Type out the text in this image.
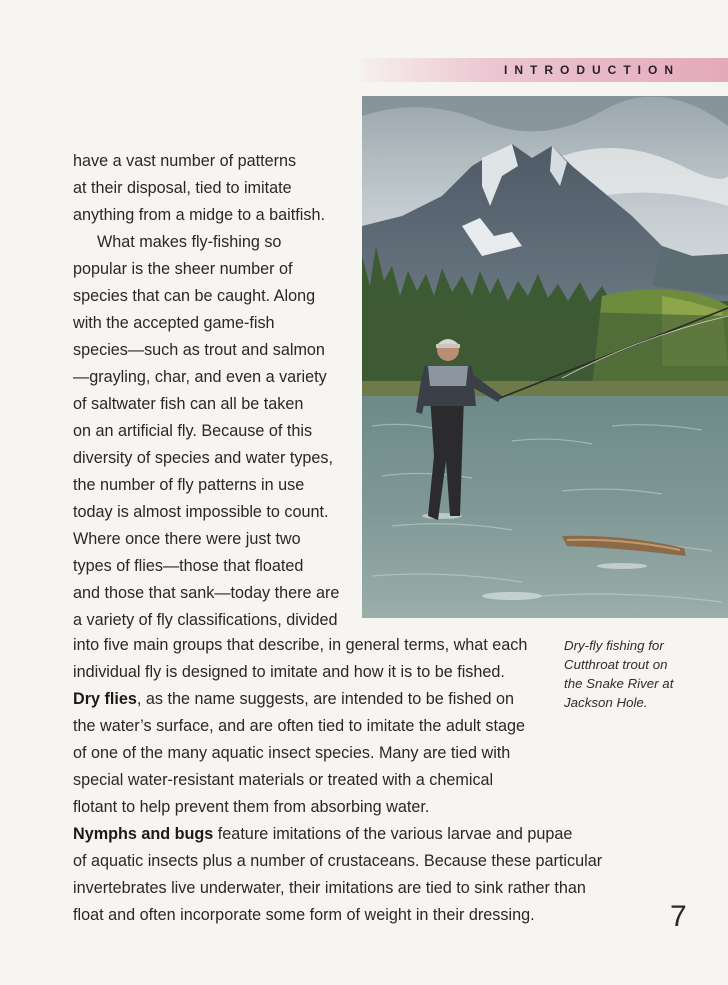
INTRODUCTION
have a vast number of patterns
at their disposal, tied to imitate
anything from a midge to a baitfish.
What makes fly-fishing so
popular is the sheer number of
species that can be caught. Along
with the accepted game-fish
species—such as trout and salmon
—grayling, char, and even a variety
of saltwater fish can all be taken
on an artificial fly. Because of this
diversity of species and water types,
the number of fly patterns in use
today is almost impossible to count.
Where once there were just two
types of flies—those that floated
and those that sank—today there are
a variety of fly classifications, divided
into five main groups that describe, in general terms, what each
individual fly is designed to imitate and how it is to be fished.
Dry flies, as the name suggests, are intended to be fished on
the water’s surface, and are often tied to imitate the adult stage
of one of the many aquatic insect species. Many are tied with
special water-resistant materials or treated with a chemical
flotant to help prevent them from absorbing water.
Nymphs and bugs feature imitations of the various larvae and pupae
of aquatic insects plus a number of crustaceans. Because these particular
invertebrates live underwater, their imitations are tied to sink rather than
float and often incorporate some form of weight in their dressing.
Dry-fly fishing for
Cutthroat trout on
the Snake River at
Jackson Hole.
7
